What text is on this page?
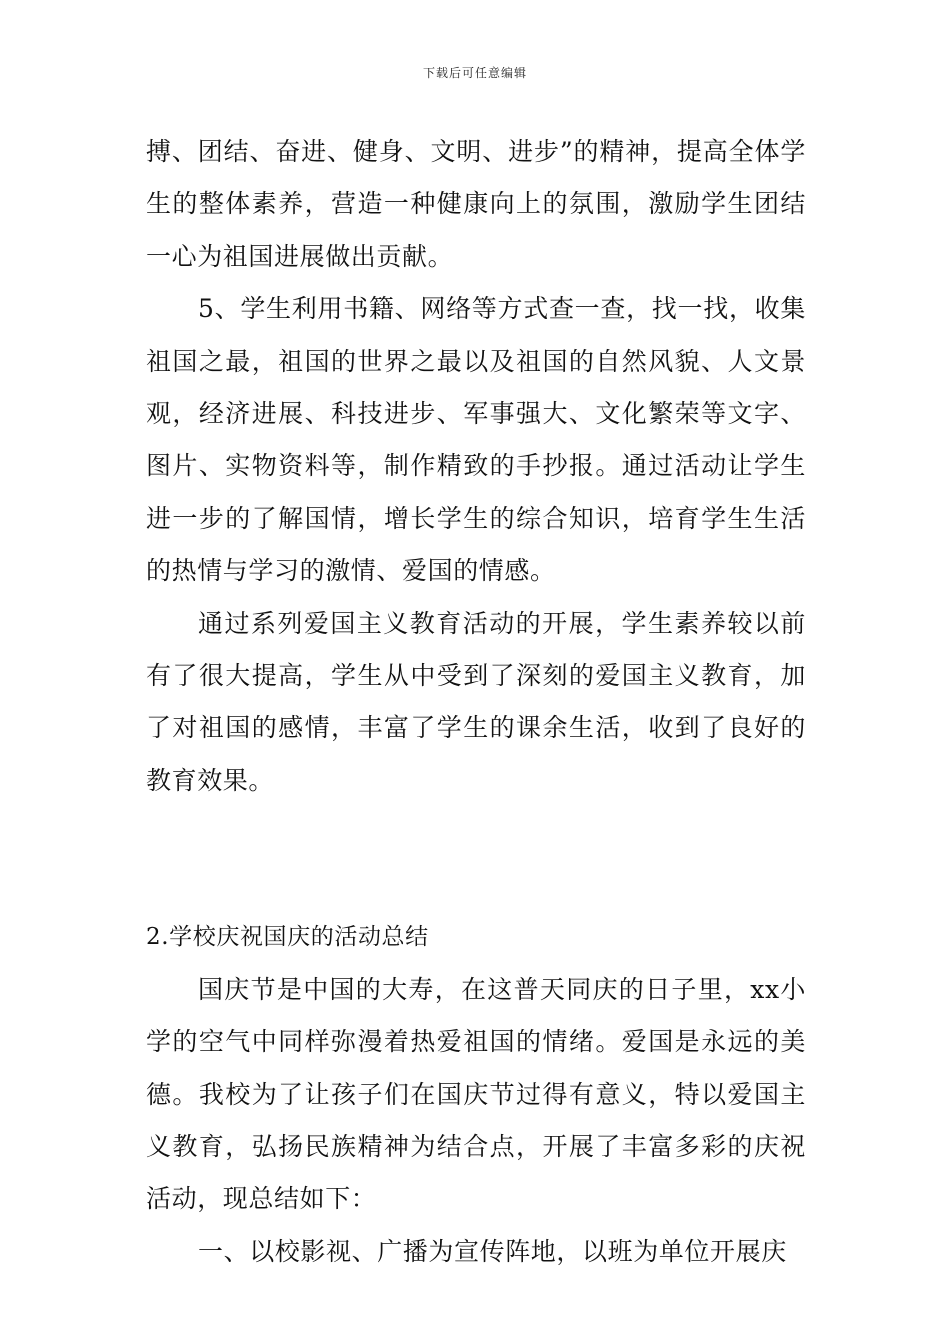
下载后可任意编辑

搏、团结、奋进、健身、文明、进步”的精神，提高全体学生的整体素养，营造一种健康向上的氛围，激励学生团结一心为祖国进展做出贡献。

5、学生利用书籍、网络等方式查一查，找一找，收集祖国之最，祖国的世界之最以及祖国的自然风貌、人文景观，经济进展、科技进步、军事强大、文化繁荣等文字、图片、实物资料等，制作精致的手抄报。通过活动让学生进一步的了解国情，增长学生的综合知识，培育学生生活的热情与学习的激情、爱国的情感。

通过系列爱国主义教育活动的开展，学生素养较以前有了很大提高，学生从中受到了深刻的爱国主义教育，加了对祖国的感情，丰富了学生的课余生活，收到了良好的教育效果。

2.学校庆祝国庆的活动总结

国庆节是中国的大寿，在这普天同庆的日子里，xx小学的空气中同样弥漫着热爱祖国的情绪。爱国是永远的美德。我校为了让孩子们在国庆节过得有意义，特以爱国主义教育，弘扬民族精神为结合点，开展了丰富多彩的庆祝活动，现总结如下：

一、以校影视、广播为宣传阵地，以班为单位开展庆
